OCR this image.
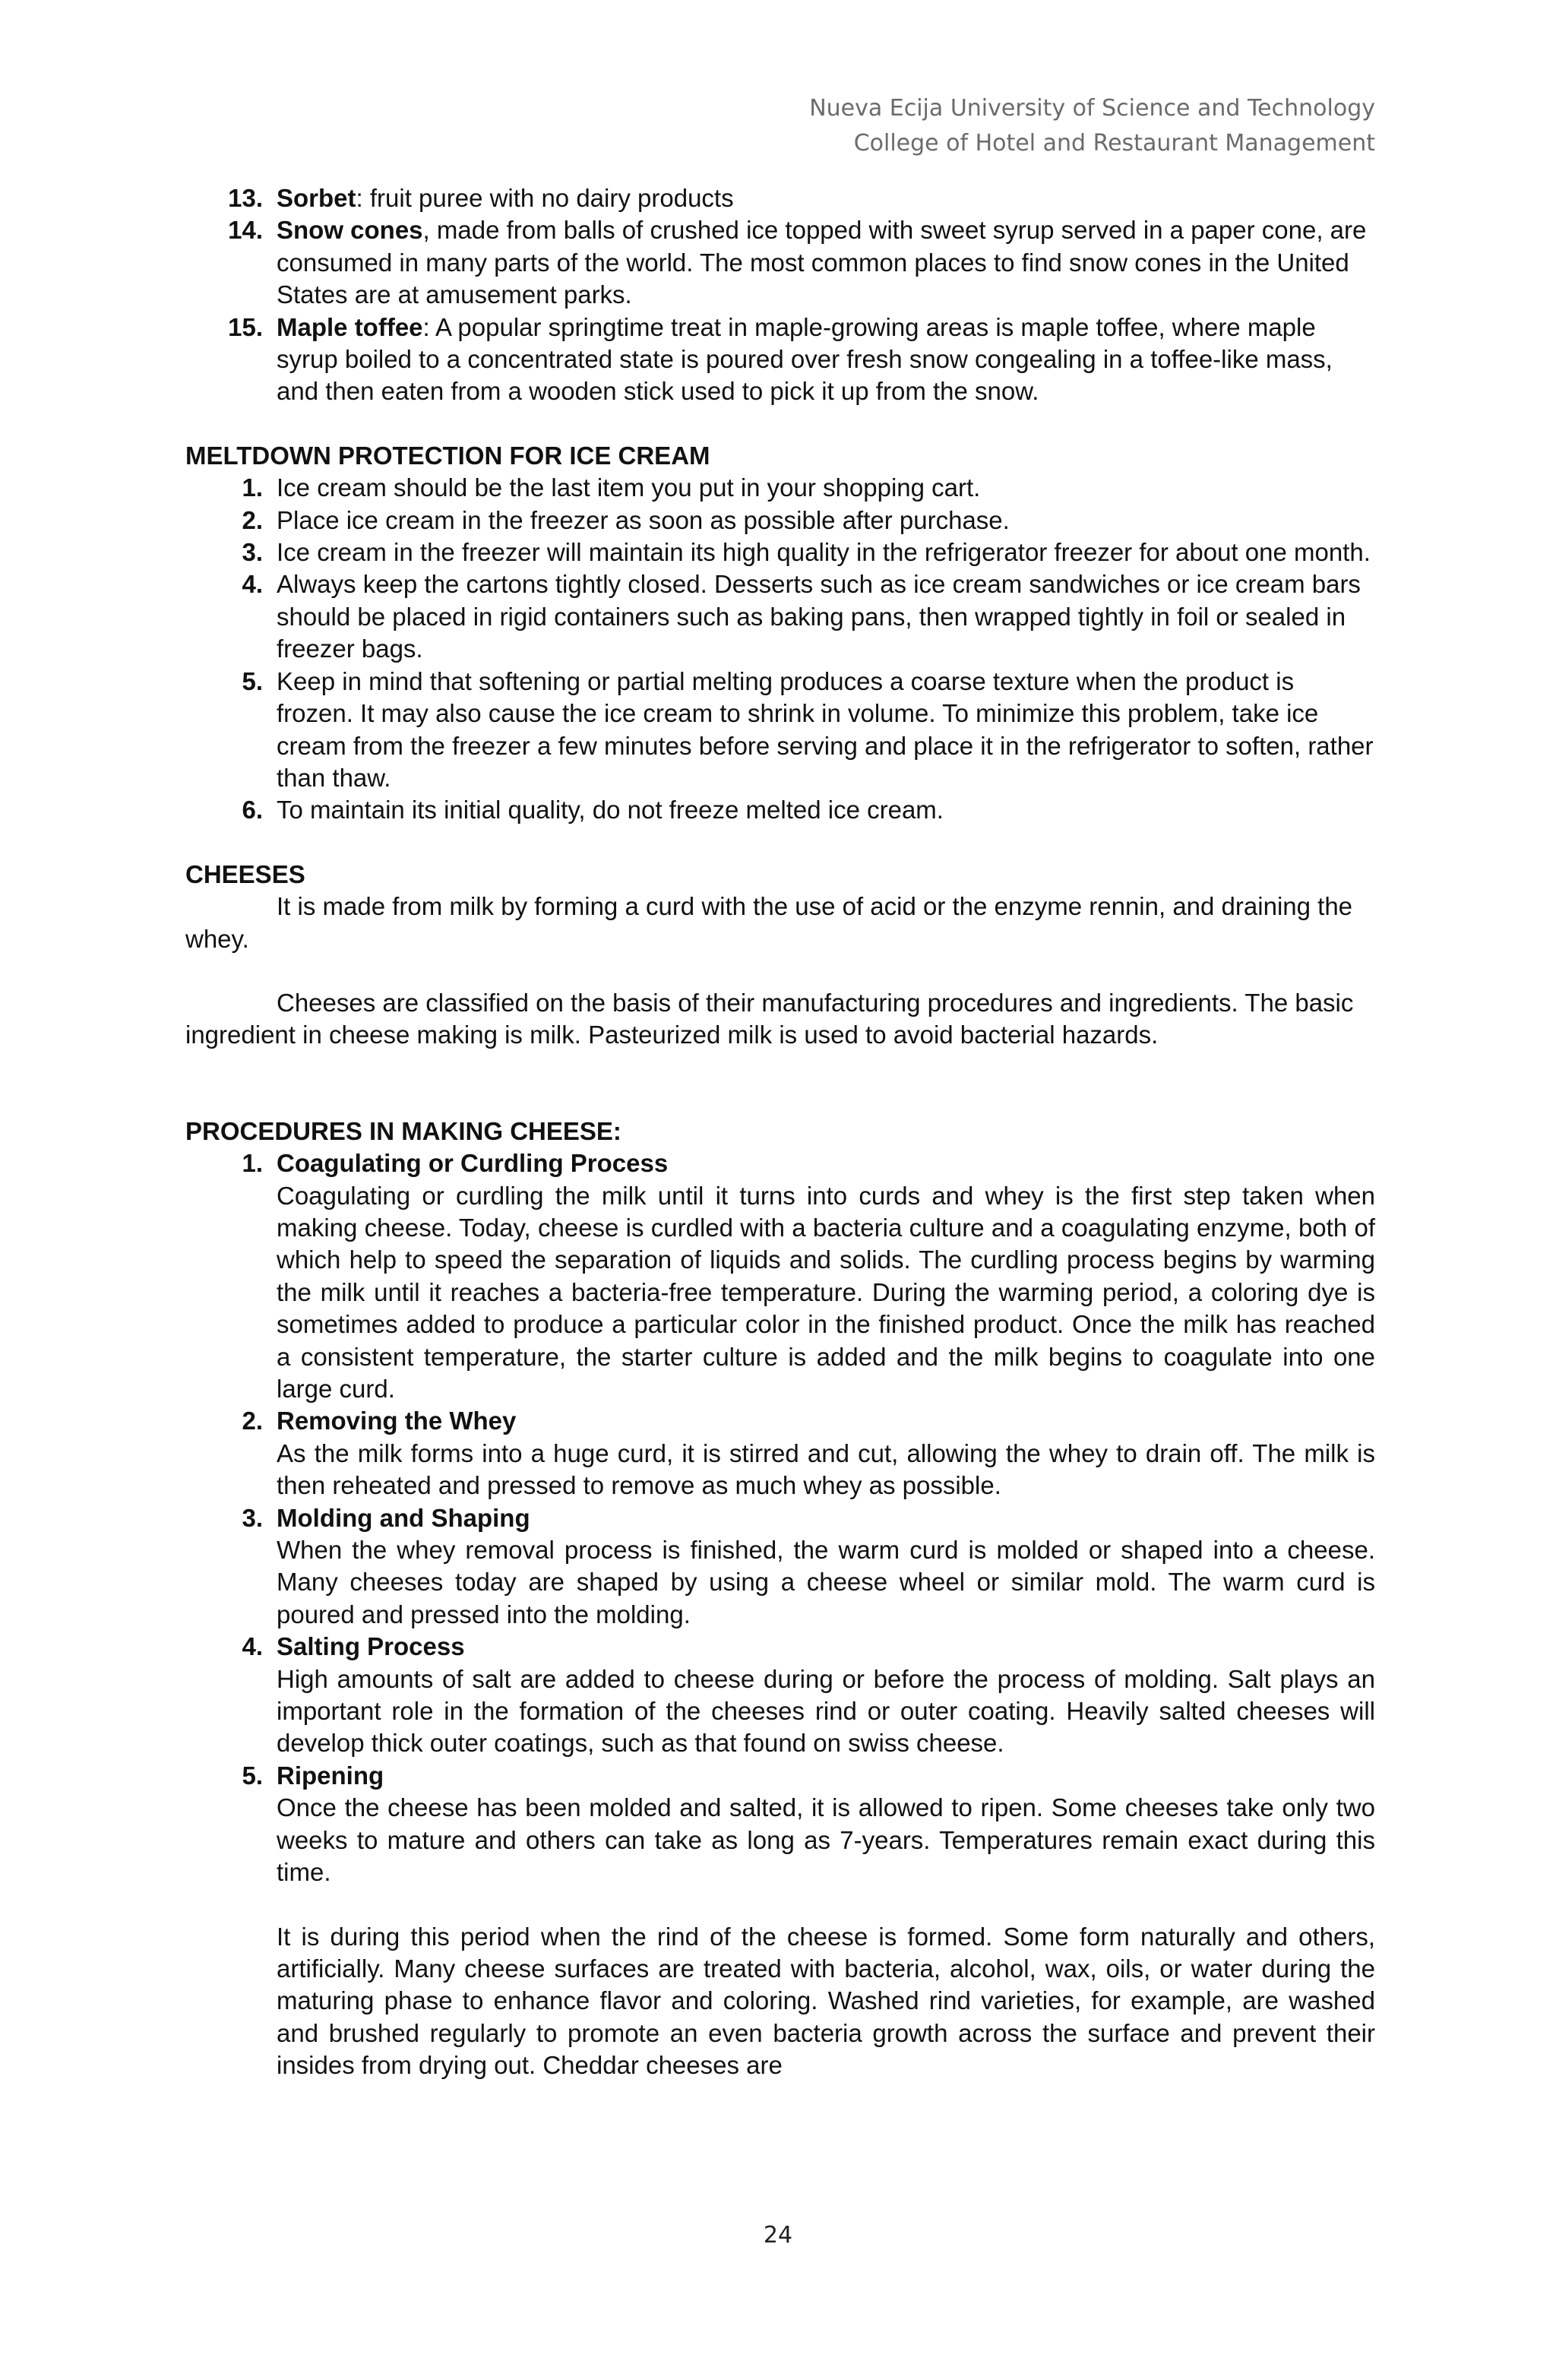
Nueva Ecija University of Science and Technology
College of Hotel and Restaurant Management
13. Sorbet: fruit puree with no dairy products
14. Snow cones, made from balls of crushed ice topped with sweet syrup served in a paper cone, are consumed in many parts of the world. The most common places to find snow cones in the United States are at amusement parks.
15. Maple toffee: A popular springtime treat in maple-growing areas is maple toffee, where maple syrup boiled to a concentrated state is poured over fresh snow congealing in a toffee-like mass, and then eaten from a wooden stick used to pick it up from the snow.
MELTDOWN PROTECTION FOR ICE CREAM
1. Ice cream should be the last item you put in your shopping cart.
2. Place ice cream in the freezer as soon as possible after purchase.
3. Ice cream in the freezer will maintain its high quality in the refrigerator freezer for about one month.
4. Always keep the cartons tightly closed. Desserts such as ice cream sandwiches or ice cream bars should be placed in rigid containers such as baking pans, then wrapped tightly in foil or sealed in freezer bags.
5. Keep in mind that softening or partial melting produces a coarse texture when the product is frozen. It may also cause the ice cream to shrink in volume. To minimize this problem, take ice cream from the freezer a few minutes before serving and place it in the refrigerator to soften, rather than thaw.
6. To maintain its initial quality, do not freeze melted ice cream.
CHEESES
It is made from milk by forming a curd with the use of acid or the enzyme rennin, and draining the whey.
Cheeses are classified on the basis of their manufacturing procedures and ingredients. The basic ingredient in cheese making is milk. Pasteurized milk is used to avoid bacterial hazards.
PROCEDURES IN MAKING CHEESE:
1. Coagulating or Curdling Process
Coagulating or curdling the milk until it turns into curds and whey is the first step taken when making cheese. Today, cheese is curdled with a bacteria culture and a coagulating enzyme, both of which help to speed the separation of liquids and solids. The curdling process begins by warming the milk until it reaches a bacteria-free temperature. During the warming period, a coloring dye is sometimes added to produce a particular color in the finished product. Once the milk has reached a consistent temperature, the starter culture is added and the milk begins to coagulate into one large curd.
2. Removing the Whey
As the milk forms into a huge curd, it is stirred and cut, allowing the whey to drain off. The milk is then reheated and pressed to remove as much whey as possible.
3. Molding and Shaping
When the whey removal process is finished, the warm curd is molded or shaped into a cheese. Many cheeses today are shaped by using a cheese wheel or similar mold. The warm curd is poured and pressed into the molding.
4. Salting Process
High amounts of salt are added to cheese during or before the process of molding. Salt plays an important role in the formation of the cheeses rind or outer coating. Heavily salted cheeses will develop thick outer coatings, such as that found on swiss cheese.
5. Ripening
Once the cheese has been molded and salted, it is allowed to ripen. Some cheeses take only two weeks to mature and others can take as long as 7-years. Temperatures remain exact during this time.
It is during this period when the rind of the cheese is formed. Some form naturally and others, artificially. Many cheese surfaces are treated with bacteria, alcohol, wax, oils, or water during the maturing phase to enhance flavor and coloring. Washed rind varieties, for example, are washed and brushed regularly to promote an even bacteria growth across the surface and prevent their insides from drying out. Cheddar cheeses are
24
